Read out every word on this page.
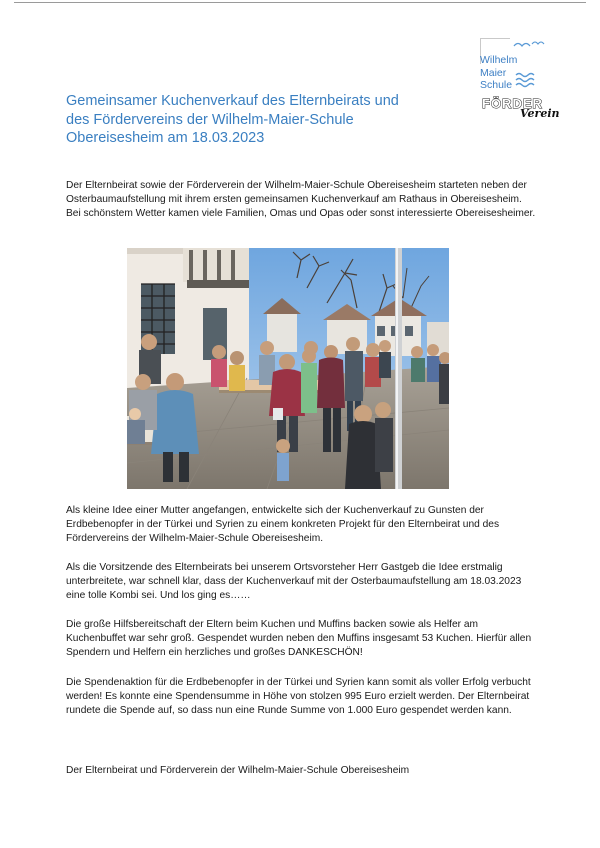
Wilhelm
Maier
Schule
FÖRDER
Verein
Gemeinsamer Kuchenverkauf des Elternbeirats und des Fördervereins der Wilhelm-Maier-Schule Obereisesheim am 18.03.2023

Der Elternbeirat sowie der Förderverein der Wilhelm-Maier-Schule Obereisesheim starteten neben der Osterbaumaufstellung mit ihrem ersten gemeinsamen Kuchenverkauf am Rathaus in Obereisesheim. Bei schönstem Wetter kamen viele Familien, Omas und Opas oder sonst interessierte Obereisesheimer.

Als kleine Idee einer Mutter angefangen, entwickelte sich der Kuchenverkauf zu Gunsten der Erdbebenopfer in der Türkei und Syrien zu einem konkreten Projekt für den Elternbeirat und des Fördervereins der Wilhelm-Maier-Schule Obereisesheim.

Als die Vorsitzende des Elternbeirats bei unserem Ortsvorsteher Herr Gastgeb die Idee erstmalig unterbreitete, war schnell klar, dass der Kuchenverkauf mit der Osterbaumaufstellung am 18.03.2023 eine tolle Kombi sei. Und los ging es……

Die große Hilfsbereitschaft der Eltern beim Kuchen und Muffins backen sowie als Helfer am Kuchenbuffet war sehr groß. Gespendet wurden neben den Muffins insgesamt 53 Kuchen. Hierfür allen Spendern und Helfern ein herzliches und großes DANKESCHÖN!

Die Spendenaktion für die Erdbebenopfer in der Türkei und Syrien kann somit als voller Erfolg verbucht werden! Es konnte eine Spendensumme in Höhe von stolzen 995 Euro erzielt werden. Der Elternbeirat rundete die Spende auf, so dass nun eine Runde Summe von 1.000 Euro gespendet werden kann.

Der Elternbeirat und Förderverein der Wilhelm-Maier-Schule Obereisesheim
